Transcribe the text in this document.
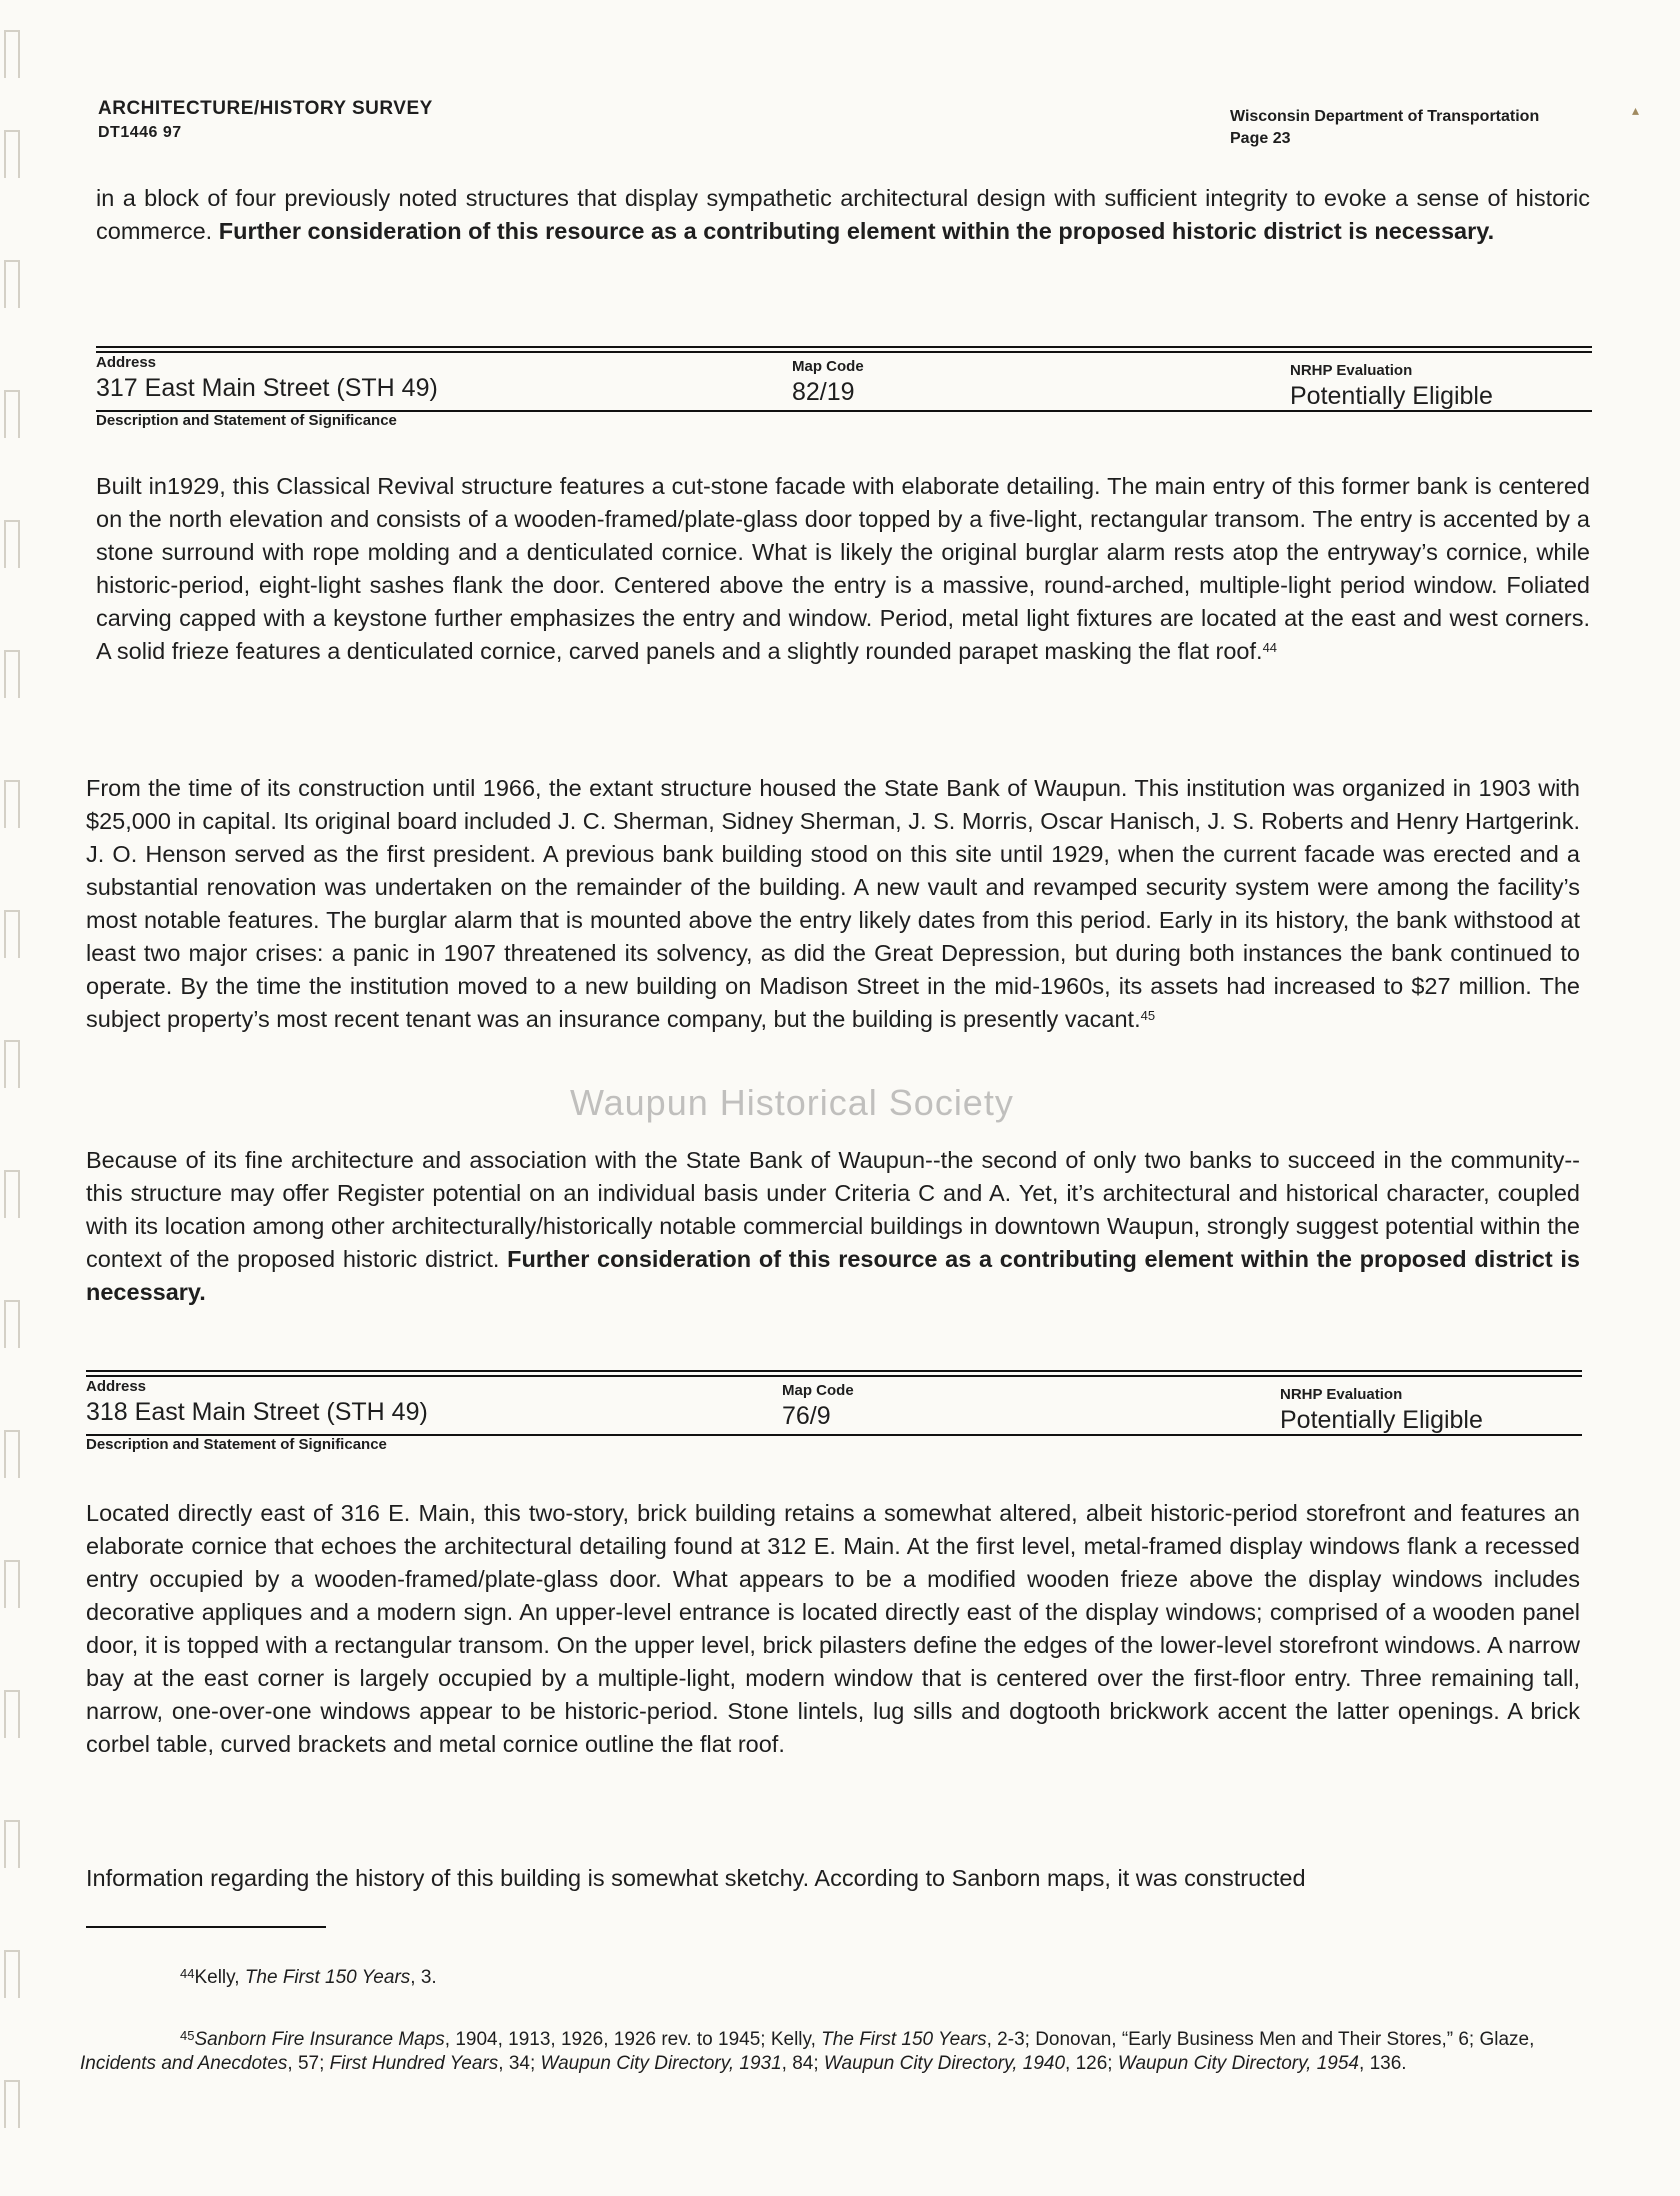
▴
ARCHITECTURE/HISTORY SURVEY
DT1446 97
Wisconsin Department of Transportation
Page 23

in a block of four previously noted structures that display sympathetic architectural design with sufficient integrity to evoke a sense of historic commerce. Further consideration of this resource as a contributing element within the proposed historic district is necessary.

Address
317 East Main Street (STH 49)
Map Code
82/19
NRHP Evaluation
Potentially Eligible
Description and Statement of Significance

Built in1929, this Classical Revival structure features a cut-stone facade with elaborate detailing. The main entry of this former bank is centered on the north elevation and consists of a wooden-framed/plate-glass door topped by a five-light, rectangular transom. The entry is accented by a stone surround with rope molding and a denticulated cornice. What is likely the original burglar alarm rests atop the entryway’s cornice, while historic-period, eight-light sashes flank the door. Centered above the entry is a massive, round-arched, multiple-light period window. Foliated carving capped with a keystone further emphasizes the entry and window. Period, metal light fixtures are located at the east and west corners. A solid frieze features a denticulated cornice, carved panels and a slightly rounded parapet masking the flat roof.$^{44}$

From the time of its construction until 1966, the extant structure housed the State Bank of Waupun. This institution was organized in 1903 with $25,000 in capital. Its original board included J. C. Sherman, Sidney Sherman, J. S. Morris, Oscar Hanisch, J. S. Roberts and Henry Hartgerink. J. O. Henson served as the first president. A previous bank building stood on this site until 1929, when the current facade was erected and a substantial renovation was undertaken on the remainder of the building. A new vault and revamped security system were among the facility’s most notable features. The burglar alarm that is mounted above the entry likely dates from this period. Early in its history, the bank withstood at least two major crises: a panic in 1907 threatened its solvency, as did the Great Depression, but during both instances the bank continued to operate. By the time the institution moved to a new building on Madison Street in the mid-1960s, its assets had increased to $27 million. The subject property’s most recent tenant was an insurance company, but the building is presently vacant.$^{45}$

Waupun Historical Society

Because of its fine architecture and association with the State Bank of Waupun--the second of only two banks to succeed in the community--this structure may offer Register potential on an individual basis under Criteria C and A. Yet, it’s architectural and historical character, coupled with its location among other architecturally/historically notable commercial buildings in downtown Waupun, strongly suggest potential within the context of the proposed historic district. Further consideration of this resource as a contributing element within the proposed district is necessary.

Address
318 East Main Street (STH 49)
Map Code
76/9
NRHP Evaluation
Potentially Eligible
Description and Statement of Significance

Located directly east of 316 E. Main, this two-story, brick building retains a somewhat altered, albeit historic-period storefront and features an elaborate cornice that echoes the architectural detailing found at 312 E. Main. At the first level, metal-framed display windows flank a recessed entry occupied by a wooden-framed/plate-glass door. What appears to be a modified wooden frieze above the display windows includes decorative appliques and a modern sign. An upper-level entrance is located directly east of the display windows; comprised of a wooden panel door, it is topped with a rectangular transom. On the upper level, brick pilasters define the edges of the lower-level storefront windows. A narrow bay at the east corner is largely occupied by a multiple-light, modern window that is centered over the first-floor entry. Three remaining tall, narrow, one-over-one windows appear to be historic-period. Stone lintels, lug sills and dogtooth brickwork accent the latter openings. A brick corbel table, curved brackets and metal cornice outline the flat roof.

Information regarding the history of this building is somewhat sketchy. According to Sanborn maps, it was constructed

$^{44}$Kelly, The First 150 Years, 3.

$^{45}$Sanborn Fire Insurance Maps, 1904, 1913, 1926, 1926 rev. to 1945; Kelly, The First 150 Years, 2-3; Donovan, “Early Business Men and Their Stores,” 6; Glaze, Incidents and Anecdotes, 57; First Hundred Years, 34; Waupun City Directory, 1931, 84; Waupun City Directory, 1940, 126; Waupun City Directory, 1954, 136.
